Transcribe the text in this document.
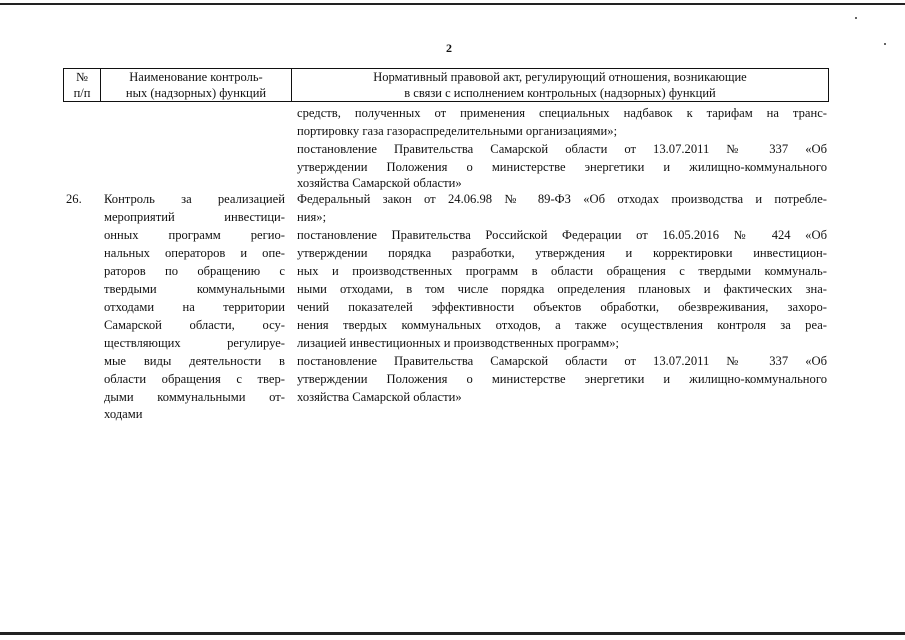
2
№
п/п
Наименование контроль-
ных (надзорных) функций
Нормативный правовой акт, регулирующий отношения, возникающие
в связи с исполнением контрольных (надзорных) функций
средств, полученных от применения специальных надбавок к тарифам на транс-
портировку газа газораспределительными организациями»;
постановление Правительства Самарской области от 13.07.2011 № 337 «Об
утверждении Положения о министерстве энергетики и жилищно-коммунального
хозяйства Самарской области»
26. Контроль за реализацией
мероприятий инвестици-
онных программ регио-
нальных операторов и опе-
раторов по обращению с
твердыми коммунальными
отходами на территории
Самарской области, осу-
ществляющих регулируе-
мые виды деятельности в
области обращения с твер-
дыми коммунальными от-
ходами
Федеральный закон от 24.06.98 № 89-ФЗ «Об отходах производства и потребле-
ния»;
постановление Правительства Российской Федерации от 16.05.2016 № 424 «Об
утверждении порядка разработки, утверждения и корректировки инвестицион-
ных и производственных программ в области обращения с твердыми коммуналь-
ными отходами, в том числе порядка определения плановых и фактических зна-
чений показателей эффективности объектов обработки, обезвреживания, захоро-
нения твердых коммунальных отходов, а также осуществления контроля за реа-
лизацией инвестиционных и производственных программ»;
постановление Правительства Самарской области от 13.07.2011 № 337 «Об
утверждении Положения о министерстве энергетики и жилищно-коммунального
хозяйства Самарской области»
